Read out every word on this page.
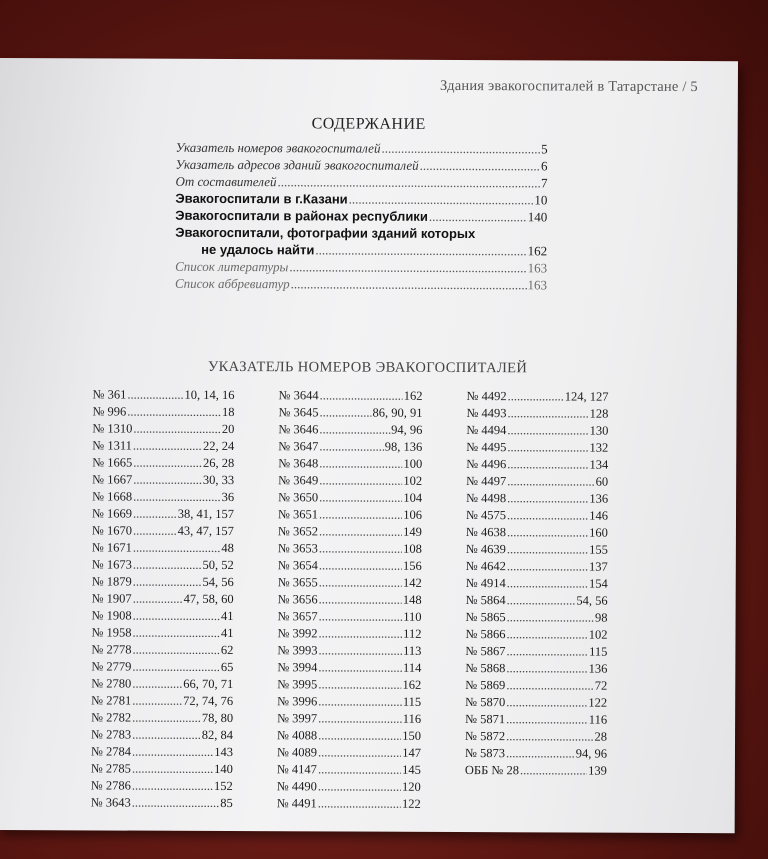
Здания эвакогоспиталей в Татарстане / 5
СОДЕРЖАНИЕ
Указатель номеров эвакогоспиталей .....	5
Указатель адресов зданий эвакогоспиталей .....	6
От составителей .....	7
Эвакогоспитали в г.Казани .....	10
Эвакогоспитали в районах республики .....	140
Эвакогоспитали, фотографии зданий которых
не удалось найти .....	162
Список литературы .....	163
Список аббревиатур .....	163
УКАЗАТЕЛЬ НОМЕРОВ ЭВАКОГОСПИТАЛЕЙ
№ 361 .....	10, 14, 16
№ 996 .....	18
№ 1310 .....	20
№ 1311 .....	22, 24
№ 1665 .....	26, 28
№ 1667 .....	30, 33
№ 1668 .....	36
№ 1669 .....	38, 41, 157
№ 1670 .....	43, 47, 157
№ 1671 .....	48
№ 1673 .....	50, 52
№ 1879 .....	54, 56
№ 1907 .....	47, 58, 60
№ 1908 .....	41
№ 1958 .....	41
№ 2778 .....	62
№ 2779 .....	65
№ 2780 .....	66, 70, 71
№ 2781 .....	72, 74, 76
№ 2782 .....	78, 80
№ 2783 .....	82, 84
№ 2784 .....	143
№ 2785 .....	140
№ 2786 .....	152
№ 3643 .....	85
№ 3644 .....	162
№ 3645 .....	86, 90, 91
№ 3646 .....	94, 96
№ 3647 .....	98, 136
№ 3648 .....	100
№ 3649 .....	102
№ 3650 .....	104
№ 3651 .....	106
№ 3652 .....	149
№ 3653 .....	108
№ 3654 .....	156
№ 3655 .....	142
№ 3656 .....	148
№ 3657 .....	110
№ 3992 .....	112
№ 3993 .....	113
№ 3994 .....	114
№ 3995 .....	162
№ 3996 .....	115
№ 3997 .....	116
№ 4088 .....	150
№ 4089 .....	147
№ 4147 .....	145
№ 4490 .....	120
№ 4491 .....	122
№ 4492 .....	124, 127
№ 4493 .....	128
№ 4494 .....	130
№ 4495 .....	132
№ 4496 .....	134
№ 4497 .....	60
№ 4498 .....	136
№ 4575 .....	146
№ 4638 .....	160
№ 4639 .....	155
№ 4642 .....	137
№ 4914 .....	154
№ 5864 .....	54, 56
№ 5865 .....	98
№ 5866 .....	102
№ 5867 .....	115
№ 5868 .....	136
№ 5869 .....	72
№ 5870 .....	122
№ 5871 .....	116
№ 5872 .....	28
№ 5873 .....	94, 96
ОББ № 28 .....	139
